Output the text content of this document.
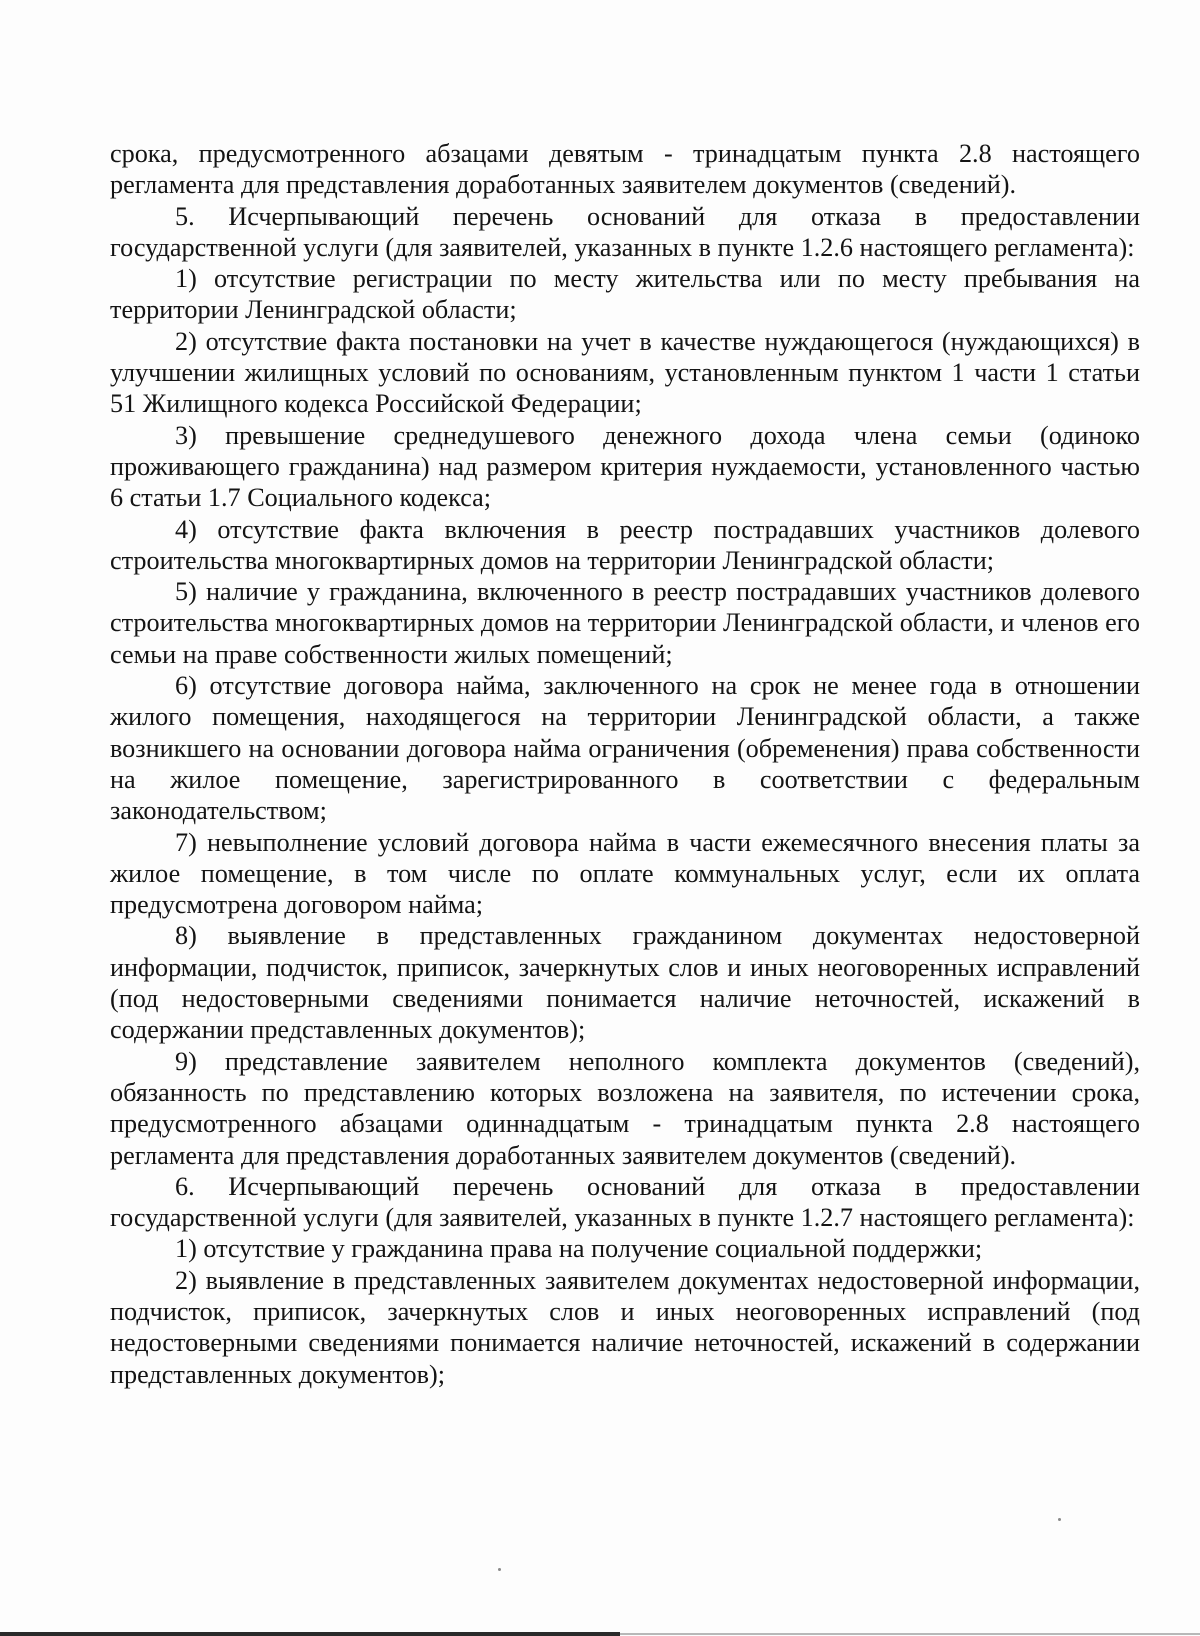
срока, предусмотренного абзацами девятым - тринадцатым пункта 2.8 настоящего регламента для представления доработанных заявителем документов (сведений).

5. Исчерпывающий перечень оснований для отказа в предоставлении государственной услуги (для заявителей, указанных в пункте 1.2.6 настоящего регламента):

1) отсутствие регистрации по месту жительства или по месту пребывания на территории Ленинградской области;

2) отсутствие факта постановки на учет в качестве нуждающегося (нуждающихся) в улучшении жилищных условий по основаниям, установленным пунктом 1 части 1 статьи 51 Жилищного кодекса Российской Федерации;

3) превышение среднедушевого денежного дохода члена семьи (одиноко проживающего гражданина) над размером критерия нуждаемости, установленного частью 6 статьи 1.7 Социального кодекса;

4) отсутствие факта включения в реестр пострадавших участников долевого строительства многоквартирных домов на территории Ленинградской области;

5) наличие у гражданина, включенного в реестр пострадавших участников долевого строительства многоквартирных домов на территории Ленинградской области, и членов его семьи на праве собственности жилых помещений;

6) отсутствие договора найма, заключенного на срок не менее года в отношении жилого помещения, находящегося на территории Ленинградской области, а также возникшего на основании договора найма ограничения (обременения) права собственности на жилое помещение, зарегистрированного в соответствии с федеральным законодательством;

7) невыполнение условий договора найма в части ежемесячного внесения платы за жилое помещение, в том числе по оплате коммунальных услуг, если их оплата предусмотрена договором найма;

8) выявление в представленных гражданином документах недостоверной информации, подчисток, приписок, зачеркнутых слов и иных неоговоренных исправлений (под недостоверными сведениями понимается наличие неточностей, искажений в содержании представленных документов);

9) представление заявителем неполного комплекта документов (сведений), обязанность по представлению которых возложена на заявителя, по истечении срока, предусмотренного абзацами одиннадцатым - тринадцатым пункта 2.8 настоящего регламента для представления доработанных заявителем документов (сведений).

6. Исчерпывающий перечень оснований для отказа в предоставлении государственной услуги (для заявителей, указанных в пункте 1.2.7 настоящего регламента):

1) отсутствие у гражданина права на получение социальной поддержки;

2) выявление в представленных заявителем документах недостоверной информации, подчисток, приписок, зачеркнутых слов и иных неоговоренных исправлений (под недостоверными сведениями понимается наличие неточностей, искажений в содержании представленных документов);
